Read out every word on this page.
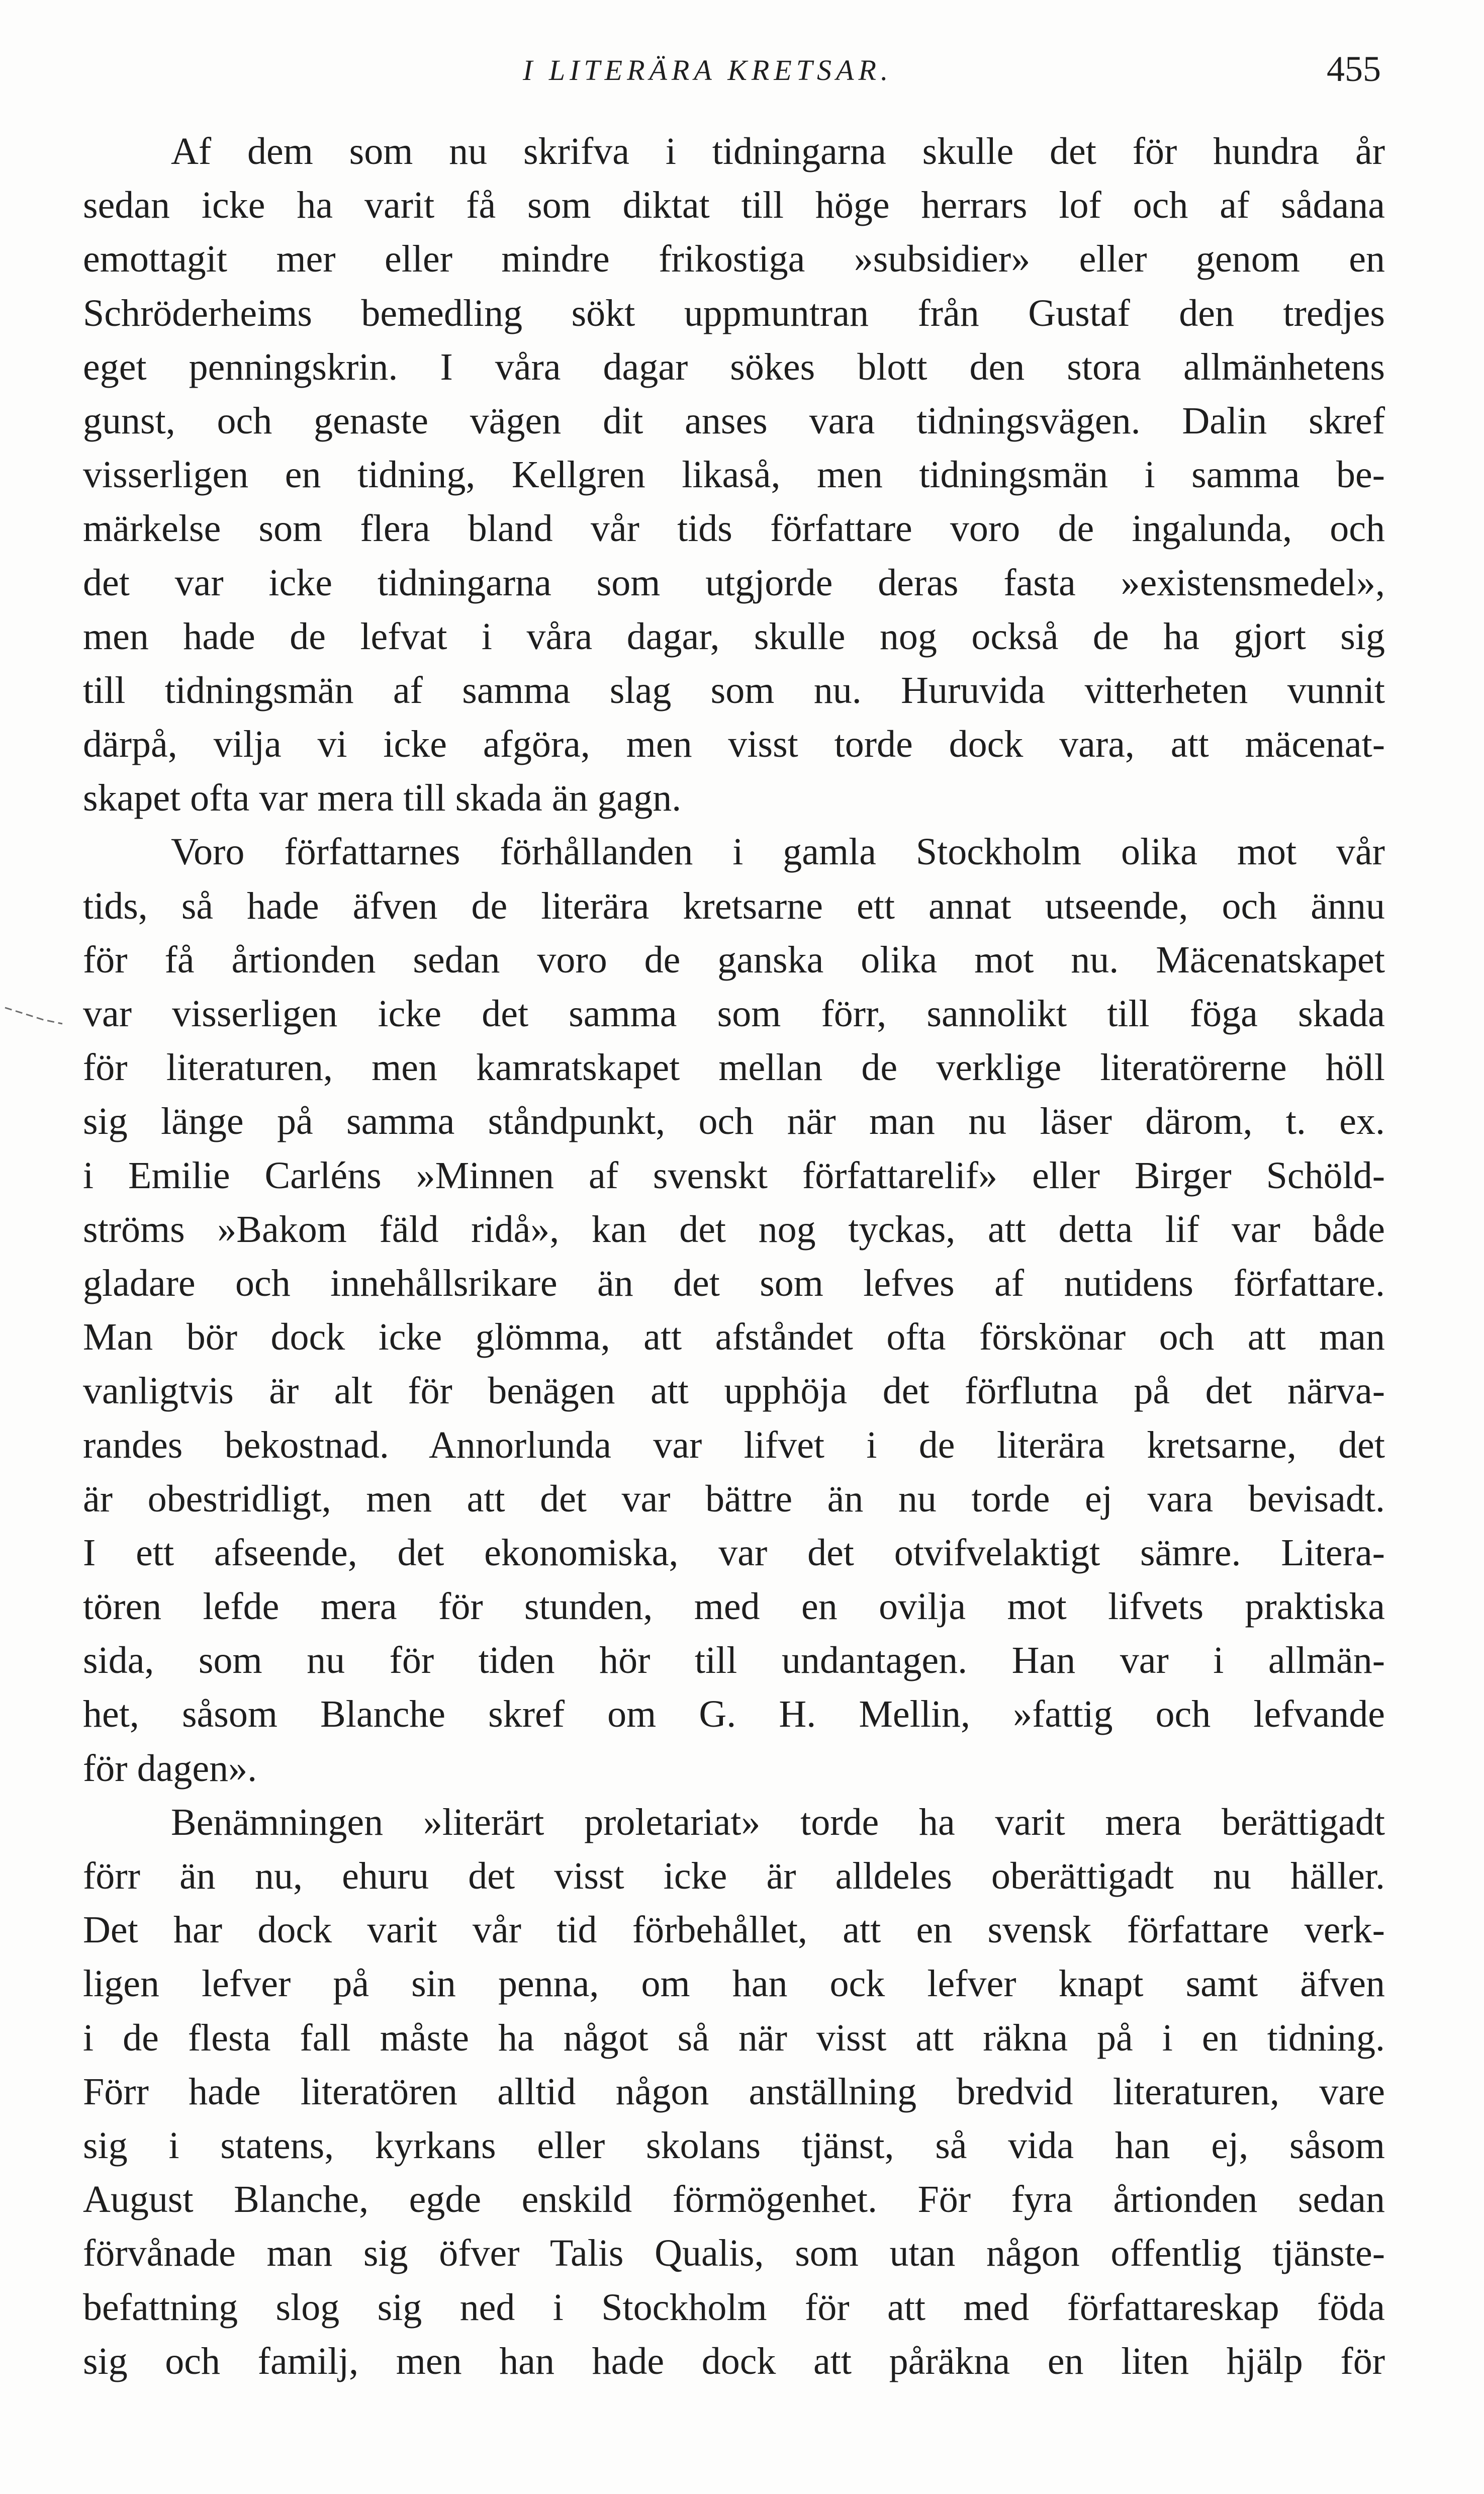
I LITERÄRA KRETSAR.	455
Af dem som nu skrifva i tidningarna skulle det för hundra år
sedan icke ha varit få som diktat till höge herrars lof och af sådana
emottagit mer eller mindre frikostiga »subsidier» eller genom en
Schröderheims bemedling sökt uppmuntran från Gustaf den tredjes
eget penningskrin. I våra dagar sökes blott den stora allmänhetens
gunst, och genaste vägen dit anses vara tidningsvägen. Dalin skref
visserligen en tidning, Kellgren likaså, men tidningsmän i samma be-
märkelse som flera bland vår tids författare voro de ingalunda, och
det var icke tidningarna som utgjorde deras fasta »existensmedel»,
men hade de lefvat i våra dagar, skulle nog också de ha gjort sig
till tidningsmän af samma slag som nu. Huruvida vitterheten vunnit
därpå, vilja vi icke afgöra, men visst torde dock vara, att mäcenat-
skapet ofta var mera till skada än gagn.
Voro författarnes förhållanden i gamla Stockholm olika mot vår
tids, så hade äfven de literära kretsarne ett annat utseende, och ännu
för få årtionden sedan voro de ganska olika mot nu. Mäcenatskapet
var visserligen icke det samma som förr, sannolikt till föga skada
för literaturen, men kamratskapet mellan de verklige literatörerne höll
sig länge på samma ståndpunkt, och när man nu läser därom, t. ex.
i Emilie Carléns »Minnen af svenskt författarelif» eller Birger Schöld-
ströms »Bakom fäld ridå», kan det nog tyckas, att detta lif var både
gladare och innehållsrikare än det som lefves af nutidens författare.
Man bör dock icke glömma, att afståndet ofta förskönar och att man
vanligtvis är alt för benägen att upphöja det förflutna på det närva-
randes bekostnad. Annorlunda var lifvet i de literära kretsarne, det
är obestridligt, men att det var bättre än nu torde ej vara bevisadt.
I ett afseende, det ekonomiska, var det otvifvelaktigt sämre. Litera-
tören lefde mera för stunden, med en ovilja mot lifvets praktiska
sida, som nu för tiden hör till undantagen. Han var i allmän-
het, såsom Blanche skref om G. H. Mellin, »fattig och lefvande
för dagen».
Benämningen »literärt proletariat» torde ha varit mera berättigadt
förr än nu, ehuru det visst icke är alldeles oberättigadt nu häller.
Det har dock varit vår tid förbehållet, att en svensk författare verk-
ligen lefver på sin penna, om han ock lefver knapt samt äfven
i de flesta fall måste ha något så när visst att räkna på i en tidning.
Förr hade literatören alltid någon anställning bredvid literaturen, vare
sig i statens, kyrkans eller skolans tjänst, så vida han ej, såsom
August Blanche, egde enskild förmögenhet. För fyra årtionden sedan
förvånade man sig öfver Talis Qualis, som utan någon offentlig tjänste-
befattning slog sig ned i Stockholm för att med författareskap föda
sig och familj, men han hade dock att påräkna en liten hjälp för
